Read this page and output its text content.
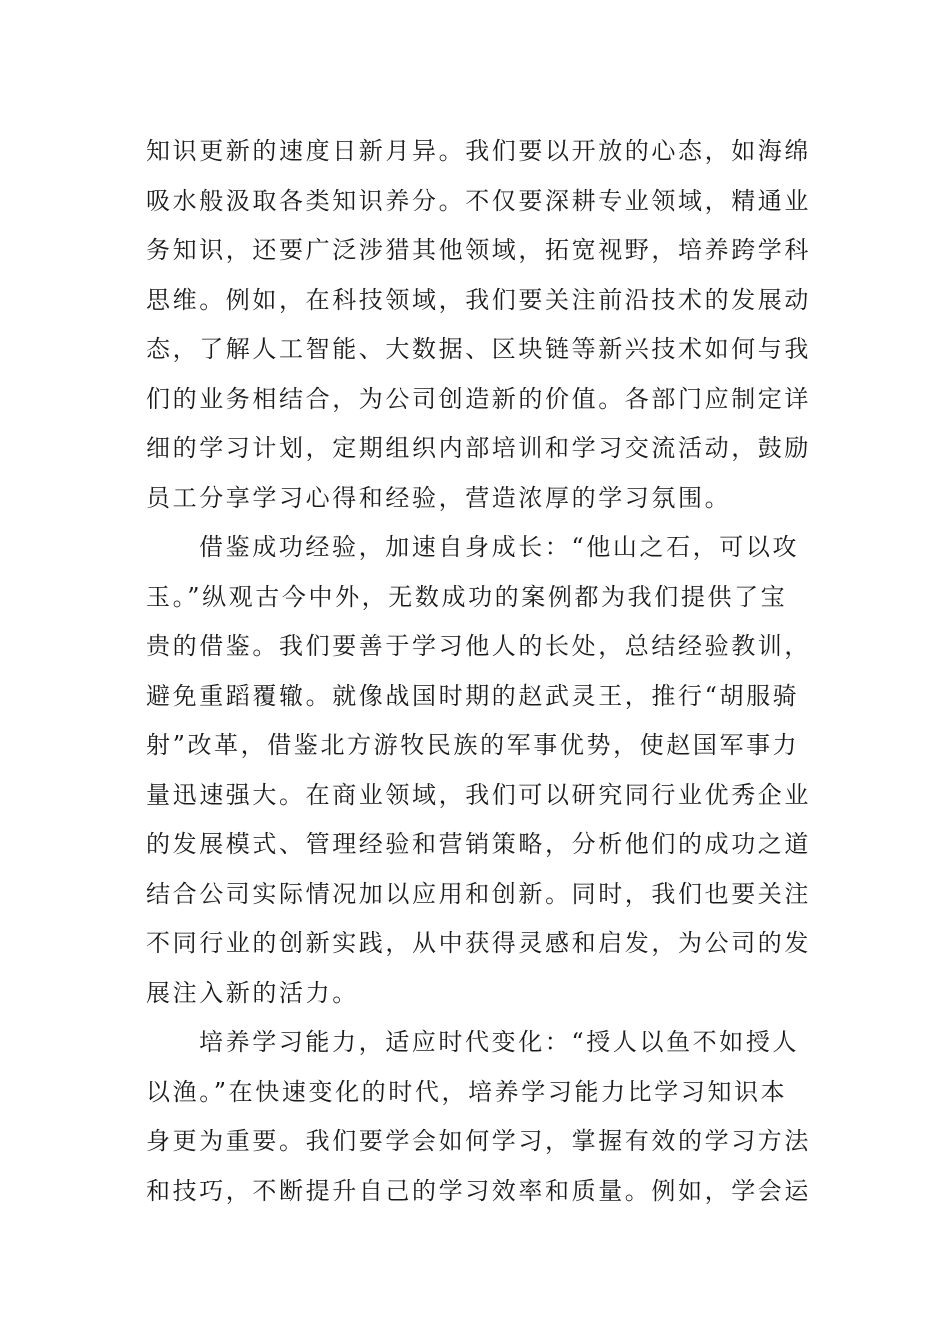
知识更新的速度日新月异。我们要以开放的心态，如海绵
吸水般汲取各类知识养分。不仅要深耕专业领域，精通业
务知识，还要广泛涉猎其他领域，拓宽视野，培养跨学科
思维。例如，在科技领域，我们要关注前沿技术的发展动
态，了解人工智能、大数据、区块链等新兴技术如何与我
们的业务相结合，为公司创造新的价值。各部门应制定详
细的学习计划，定期组织内部培训和学习交流活动，鼓励
员工分享学习心得和经验，营造浓厚的学习氛围。

借鉴成功经验，加速自身成长：“他山之石，可以攻
玉。”纵观古今中外，无数成功的案例都为我们提供了宝
贵的借鉴。我们要善于学习他人的长处，总结经验教训，
避免重蹈覆辙。就像战国时期的赵武灵王，推行“胡服骑
射”改革，借鉴北方游牧民族的军事优势，使赵国军事力
量迅速强大。在商业领域，我们可以研究同行业优秀企业
的发展模式、管理经验和营销策略，分析他们的成功之道
结合公司实际情况加以应用和创新。同时，我们也要关注
不同行业的创新实践，从中获得灵感和启发，为公司的发
展注入新的活力。

培养学习能力，适应时代变化：“授人以鱼不如授人
以渔。”在快速变化的时代，培养学习能力比学习知识本
身更为重要。我们要学会如何学习，掌握有效的学习方法
和技巧，不断提升自己的学习效率和质量。例如，学会运
